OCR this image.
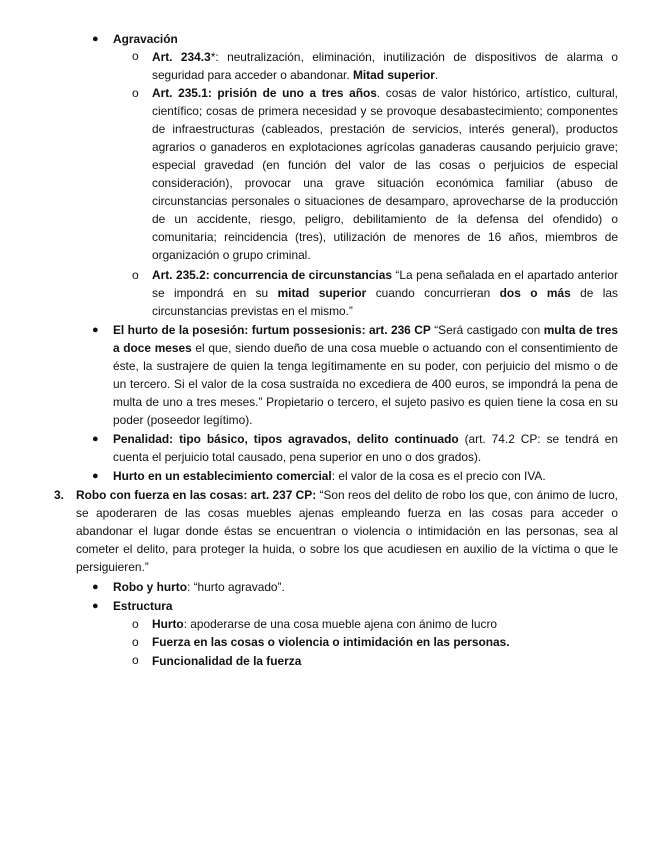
● Agravación
o Art. 234.3*: neutralización, eliminación, inutilización de dispositivos de alarma o seguridad para acceder o abandonar. Mitad superior.
o Art. 235.1: prisión de uno a tres años. cosas de valor histórico, artístico, cultural, científico; cosas de primera necesidad y se provoque desabastecimiento; componentes de infraestructuras (cableados, prestación de servicios, interés general), productos agrarios o ganaderos en explotaciones agrícolas ganaderas causando perjuicio grave; especial gravedad (en función del valor de las cosas o perjuicios de especial consideración), provocar una grave situación económica familiar (abuso de circunstancias personales o situaciones de desamparo, aprovecharse de la producción de un accidente, riesgo, peligro, debilitamiento de la defensa del ofendido) o comunitaria; reincidencia (tres), utilización de menores de 16 años, miembros de organización o grupo criminal.
o Art. 235.2: concurrencia de circunstancias “La pena señalada en el apartado anterior se impondrá en su mitad superior cuando concurrieran dos o más de las circunstancias previstas en el mismo.”
● El hurto de la posesión: furtum possesionis: art. 236 CP “Será castigado con multa de tres a doce meses el que, siendo dueño de una cosa mueble o actuando con el consentimiento de éste, la sustrajere de quien la tenga legítimamente en su poder, con perjuicio del mismo o de un tercero. Si el valor de la cosa sustraída no excediera de 400 euros, se impondrá la pena de multa de uno a tres meses.” Propietario o tercero, el sujeto pasivo es quien tiene la cosa en su poder (poseedor legítimo).
● Penalidad: tipo básico, tipos agravados, delito continuado (art. 74.2 CP: se tendrá en cuenta el perjuicio total causado, pena superior en uno o dos grados).
● Hurto en un establecimiento comercial: el valor de la cosa es el precio con IVA.
3. Robo con fuerza en las cosas: art. 237 CP: “Son reos del delito de robo los que, con ánimo de lucro, se apoderaren de las cosas muebles ajenas empleando fuerza en las cosas para acceder o abandonar el lugar donde éstas se encuentran o violencia o intimidación en las personas, sea al cometer el delito, para proteger la huida, o sobre los que acudiesen en auxilio de la víctima o que le persiguieren.”
● Robo y hurto: “hurto agravado”.
● Estructura
o Hurto: apoderarse de una cosa mueble ajena con ánimo de lucro
o Fuerza en las cosas o violencia o intimidación en las personas.
o Funcionalidad de la fuerza
